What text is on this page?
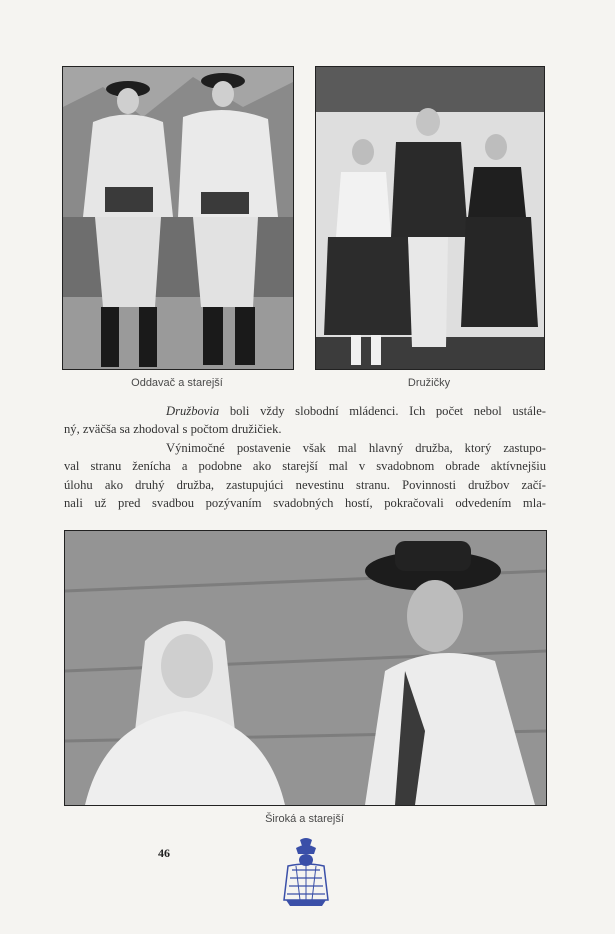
Oddavač a starejší	Družičky

Družbovia boli vždy slobodní mládenci. Ich počet nebol ustále-

ný, zväčša sa zhodoval s počtom družičiek.

Výnimočné postavenie však mal hlavný družba, ktorý zastupo-

val stranu ženícha a podobne ako starejší mal v svadobnom obrade aktívnejšiu

úlohu ako druhý družba, zastupujúci nevestinu stranu. Povinnosti družbov začí-

nali už pred svadbou pozývaním svadobných hostí, pokračovali odvedením mla-

Široká a starejší
46
